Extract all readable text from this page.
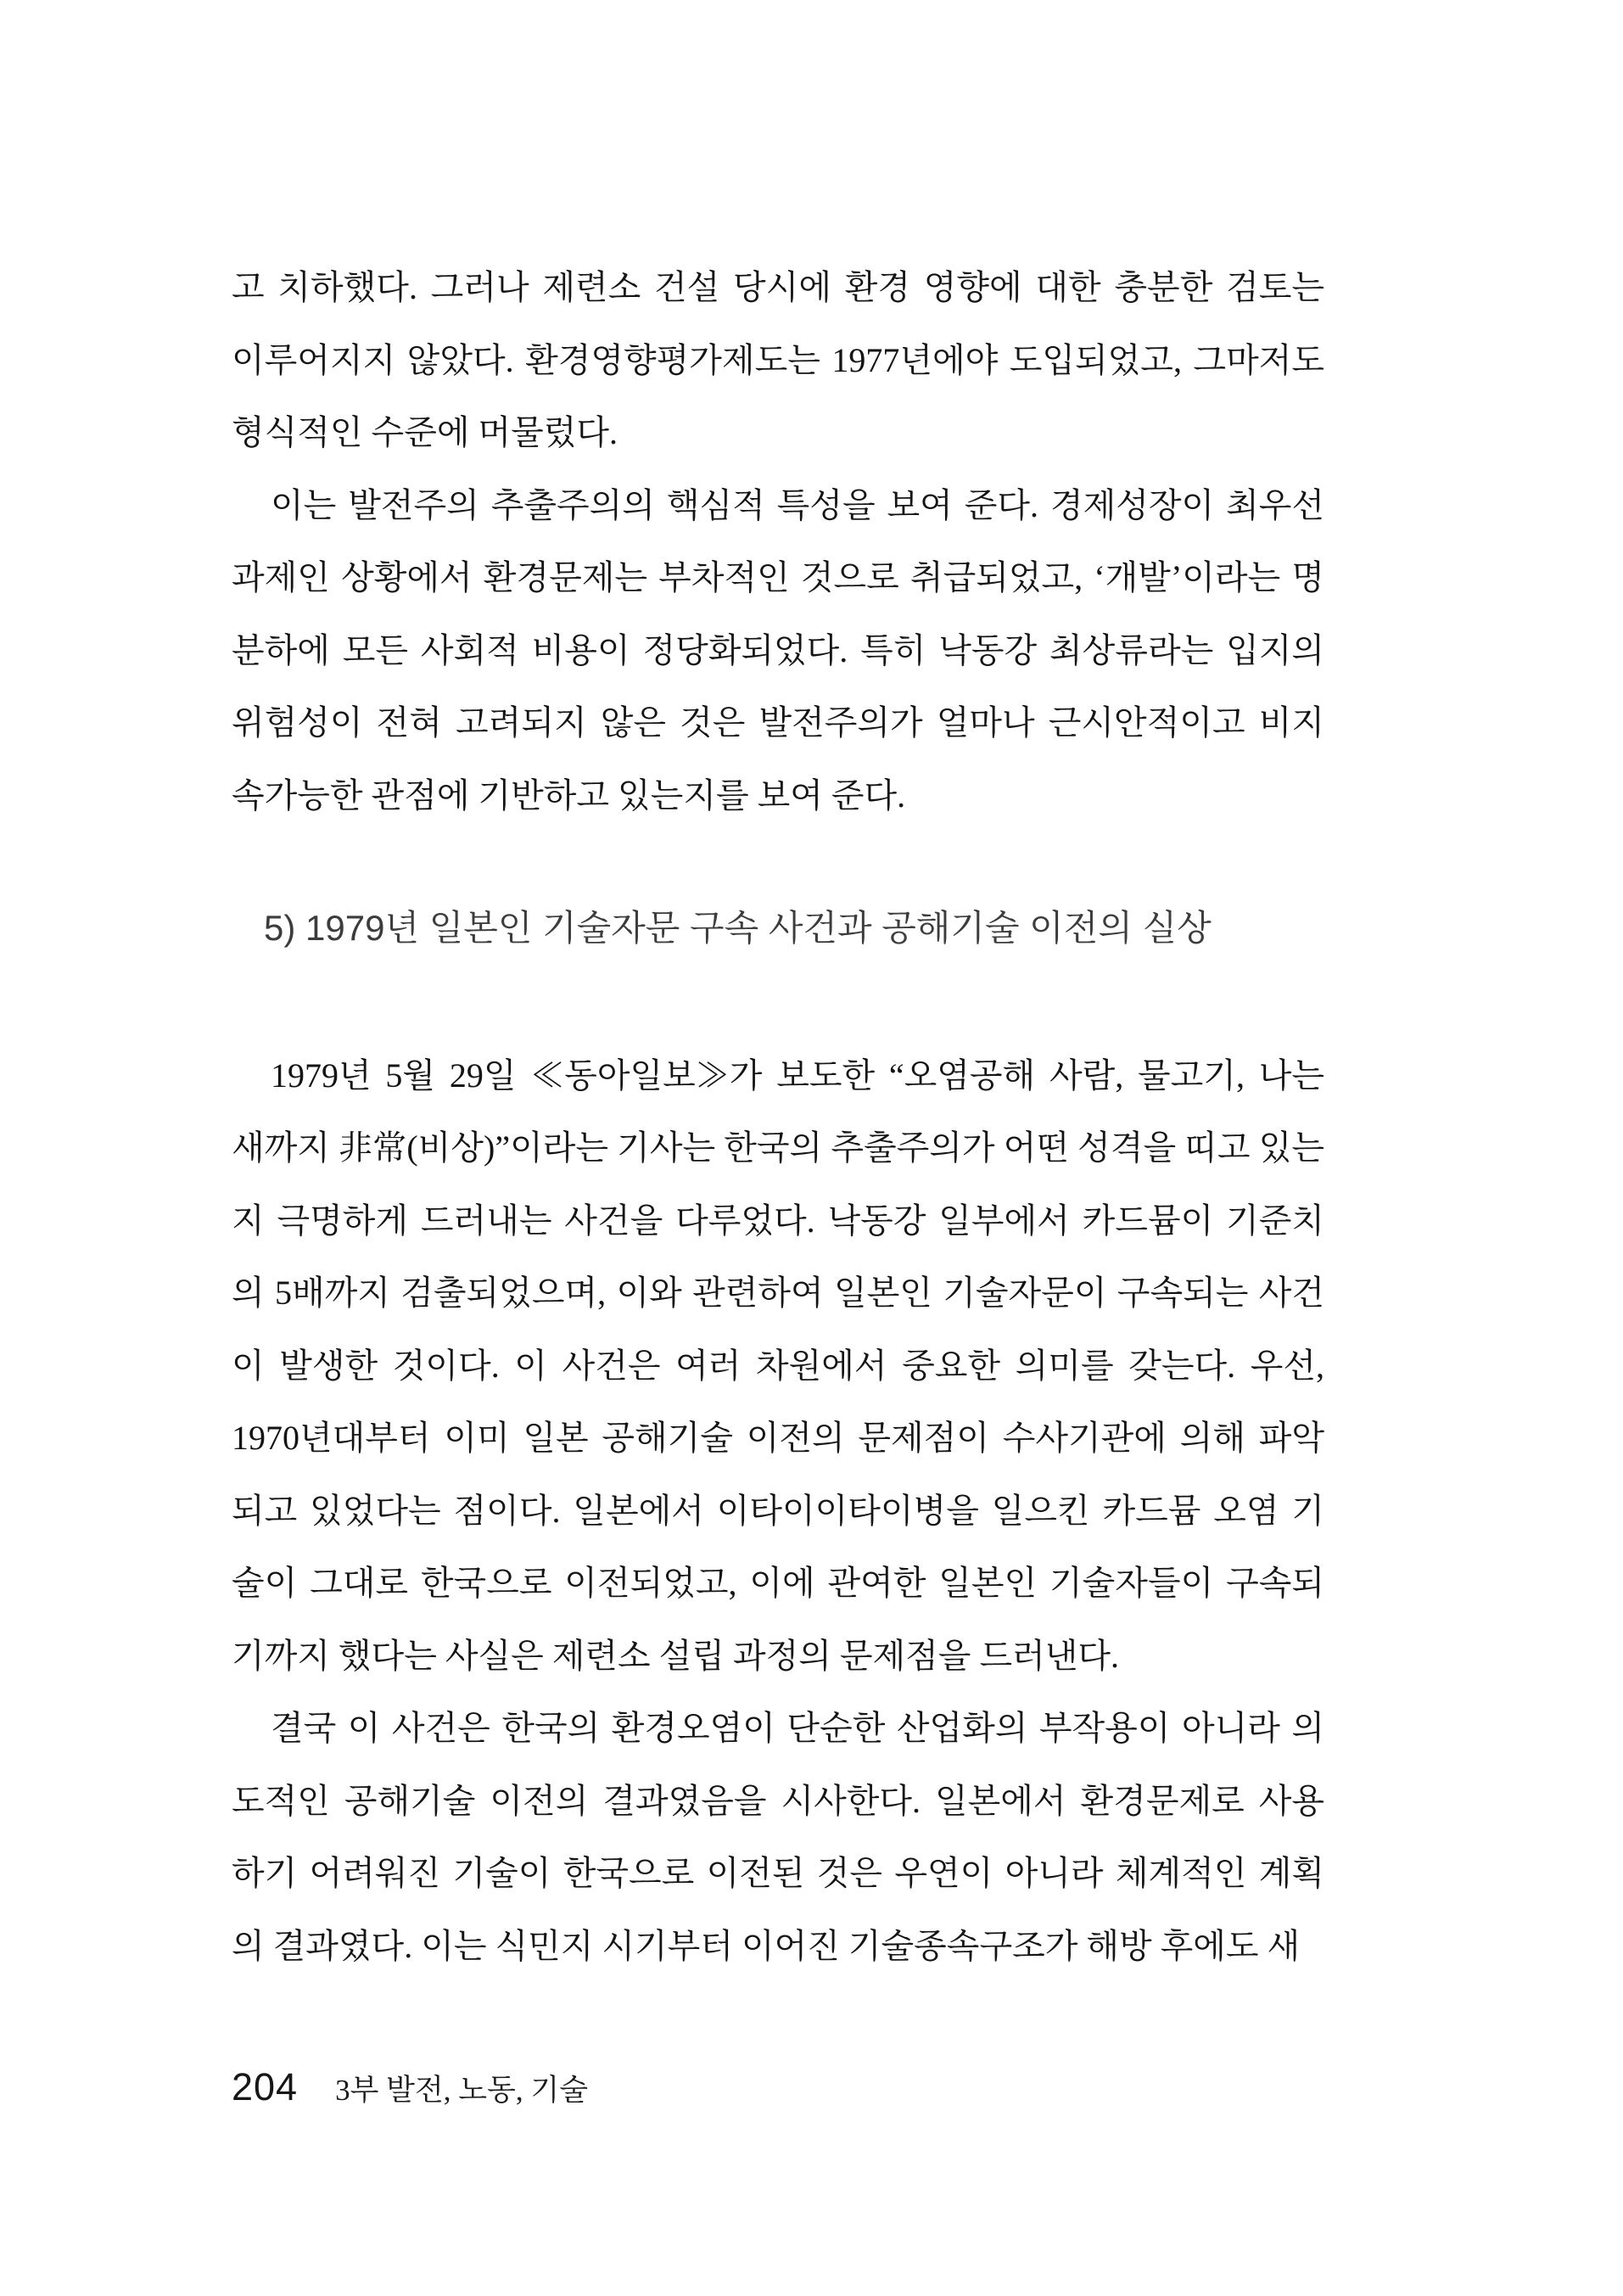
고 치하했다. 그러나 제련소 건설 당시에 환경 영향에 대한 충분한 검토는
이루어지지 않았다. 환경영향평가제도는 1977년에야 도입되었고, 그마저도
형식적인 수준에 머물렀다.
이는 발전주의 추출주의의 핵심적 특성을 보여 준다. 경제성장이 최우선
과제인 상황에서 환경문제는 부차적인 것으로 취급되었고, ‘개발’이라는 명
분하에 모든 사회적 비용이 정당화되었다. 특히 낙동강 최상류라는 입지의
위험성이 전혀 고려되지 않은 것은 발전주의가 얼마나 근시안적이고 비지
속가능한 관점에 기반하고 있는지를 보여 준다.
5) 1979년 일본인 기술자문 구속 사건과 공해기술 이전의 실상
1979년 5월 29일 ≪동아일보≫가 보도한 “오염공해 사람, 물고기, 나는
새까지 非常(비상)”이라는 기사는 한국의 추출주의가 어떤 성격을 띠고 있는
지 극명하게 드러내는 사건을 다루었다. 낙동강 일부에서 카드뮴이 기준치
의 5배까지 검출되었으며, 이와 관련하여 일본인 기술자문이 구속되는 사건
이 발생한 것이다. 이 사건은 여러 차원에서 중요한 의미를 갖는다. 우선,
1970년대부터 이미 일본 공해기술 이전의 문제점이 수사기관에 의해 파악
되고 있었다는 점이다. 일본에서 이타이이타이병을 일으킨 카드뮴 오염 기
술이 그대로 한국으로 이전되었고, 이에 관여한 일본인 기술자들이 구속되
기까지 했다는 사실은 제련소 설립 과정의 문제점을 드러낸다.
결국 이 사건은 한국의 환경오염이 단순한 산업화의 부작용이 아니라 의
도적인 공해기술 이전의 결과였음을 시사한다. 일본에서 환경문제로 사용
하기 어려워진 기술이 한국으로 이전된 것은 우연이 아니라 체계적인 계획
의 결과였다. 이는 식민지 시기부터 이어진 기술종속구조가 해방 후에도 새
204 3부 발전, 노동, 기술
